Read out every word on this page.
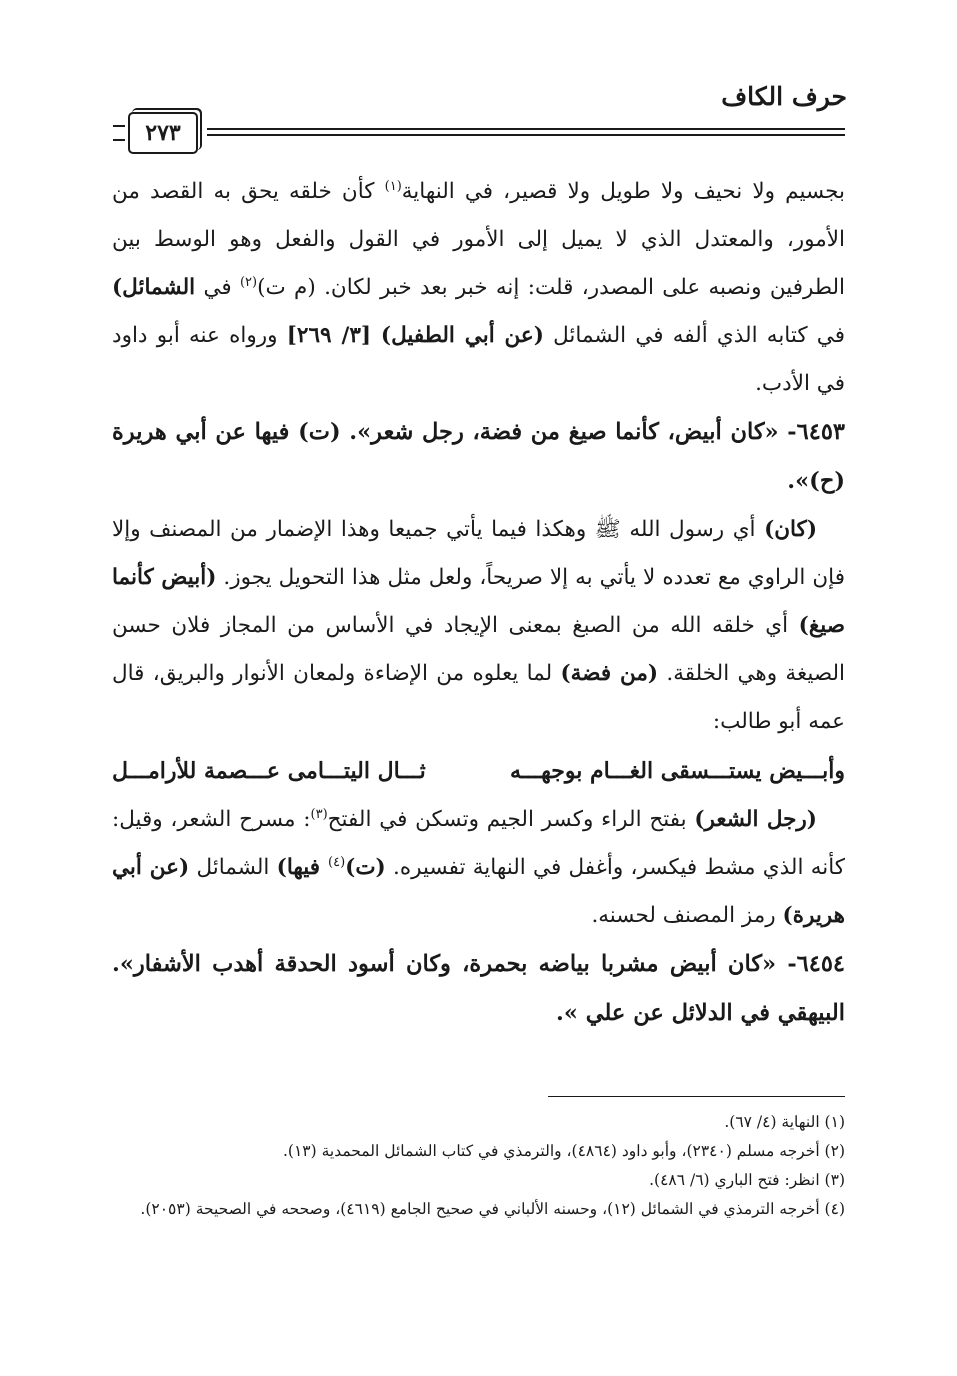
حرف الكاف
٢٧٣

بجسيم ولا نحيف ولا طويل ولا قصير، في النهاية$^{(١)}$ كأن خلقه يحق به القصد من الأمور، والمعتدل الذي لا يميل إلى الأمور في القول والفعل وهو الوسط بين الطرفين ونصبه على المصدر، قلت: إنه خبر بعد خبر لكان. (م ت)$^{(٢)}$ في الشمائل) في كتابه الذي ألفه في الشمائل (عن أبي الطفيل) [٣/ ٢٦٩] ورواه عنه أبو داود في الأدب.

٦٤٥٣- «كان أبيض، كأنما صيغ من فضة، رجل شعر». (ت) فيها عن أبي هريرة (ح)».

(كان) أي رسول الله ﷺ وهكذا فيما يأتي جميعا وهذا الإضمار من المصنف وإلا فإن الراوي مع تعدده لا يأتي به إلا صريحاً، ولعل مثل هذا التحويل يجوز. (أبيض كأنما صيغ) أي خلقه الله من الصبغ بمعنى الإيجاد في الأساس من المجاز فلان حسن الصيغة وهي الخلقة. (من فضة) لما يعلوه من الإضاءة ولمعان الأنوار والبريق، قال عمه أبو طالب:

وأبـــيض يستـــسقى الغـــام بوجهـــه
ثـــال اليتـــامى عـــصمة للأرامـــل

(رجل الشعر) بفتح الراء وكسر الجيم وتسكن في الفتح$^{(٣)}$: مسرح الشعر، وقيل: كأنه الذي مشط فيكسر، وأغفل في النهاية تفسيره. (ت)$^{(٤)}$ فيها) الشمائل (عن أبي هريرة) رمز المصنف لحسنه.

٦٤٥٤- «كان أبيض مشربا بياضه بحمرة، وكان أسود الحدقة أهدب الأشفار». البيهقي في الدلائل عن علي ».

(١) النهاية (٤/ ٦٧).

(٢) أخرجه مسلم (٢٣٤٠)، وأبو داود (٤٨٦٤)، والترمذي في كتاب الشمائل المحمدية (١٣).

(٣) انظر: فتح الباري (٦/ ٤٨٦).

(٤) أخرجه الترمذي في الشمائل (١٢)، وحسنه الألباني في صحيح الجامع (٤٦١٩)، وصححه في الصحيحة (٢٠٥٣).
